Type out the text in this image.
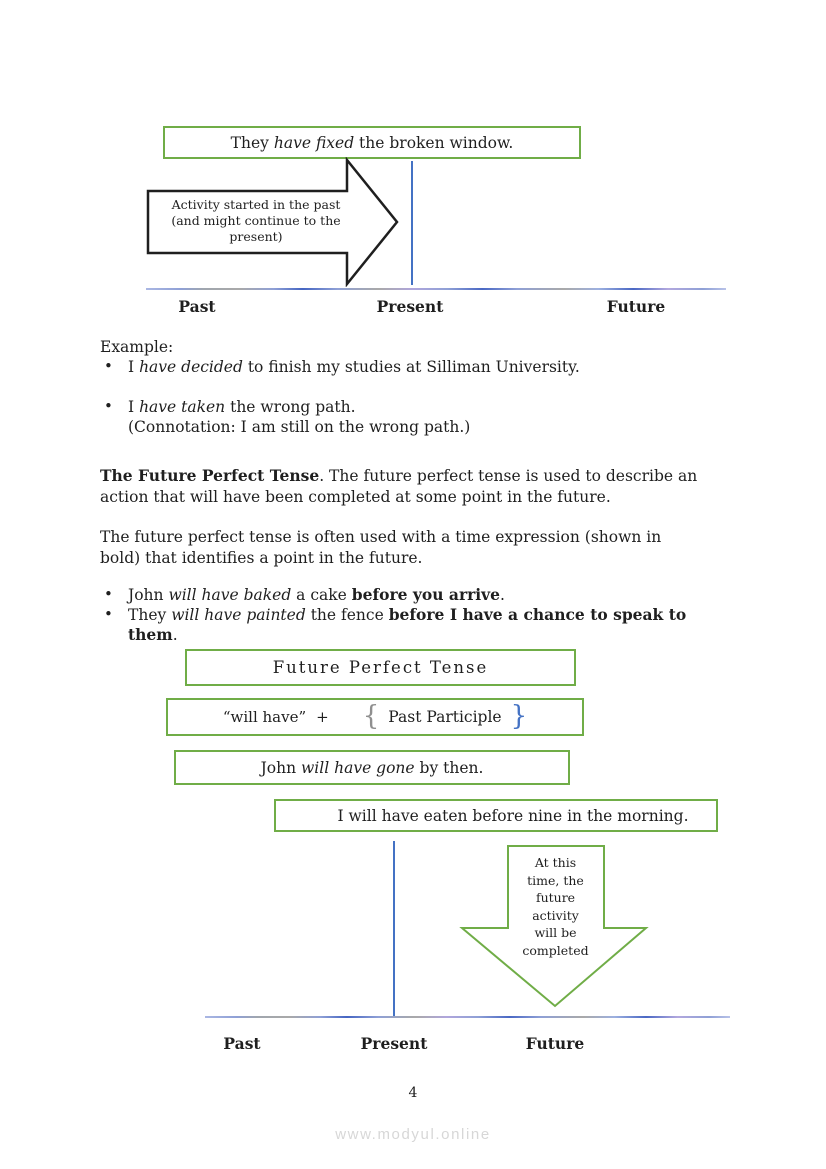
They have fixed the broken window.
Activity started in the past
(and might continue to the
present)
Past	Present	Future
Example:
• I have decided to finish my studies at Silliman University.
• I have taken the wrong path.
(Connotation: I am still on the wrong path.)
The Future Perfect Tense. The future perfect tense is used to describe an
action that will have been completed at some point in the future.
The future perfect tense is often used with a time expression (shown in
bold) that identifies a point in the future.
• John will have baked a cake before you arrive.
• They will have painted the fence before I have a chance to speak to
them.
Future Perfect Tense
“will have” + { Past Participle }
John will have gone by then.
I will have eaten before nine in the morning.
At this
time, the
future
activity
will be
completed
Past	Present	Future
4
www.modyul.online
